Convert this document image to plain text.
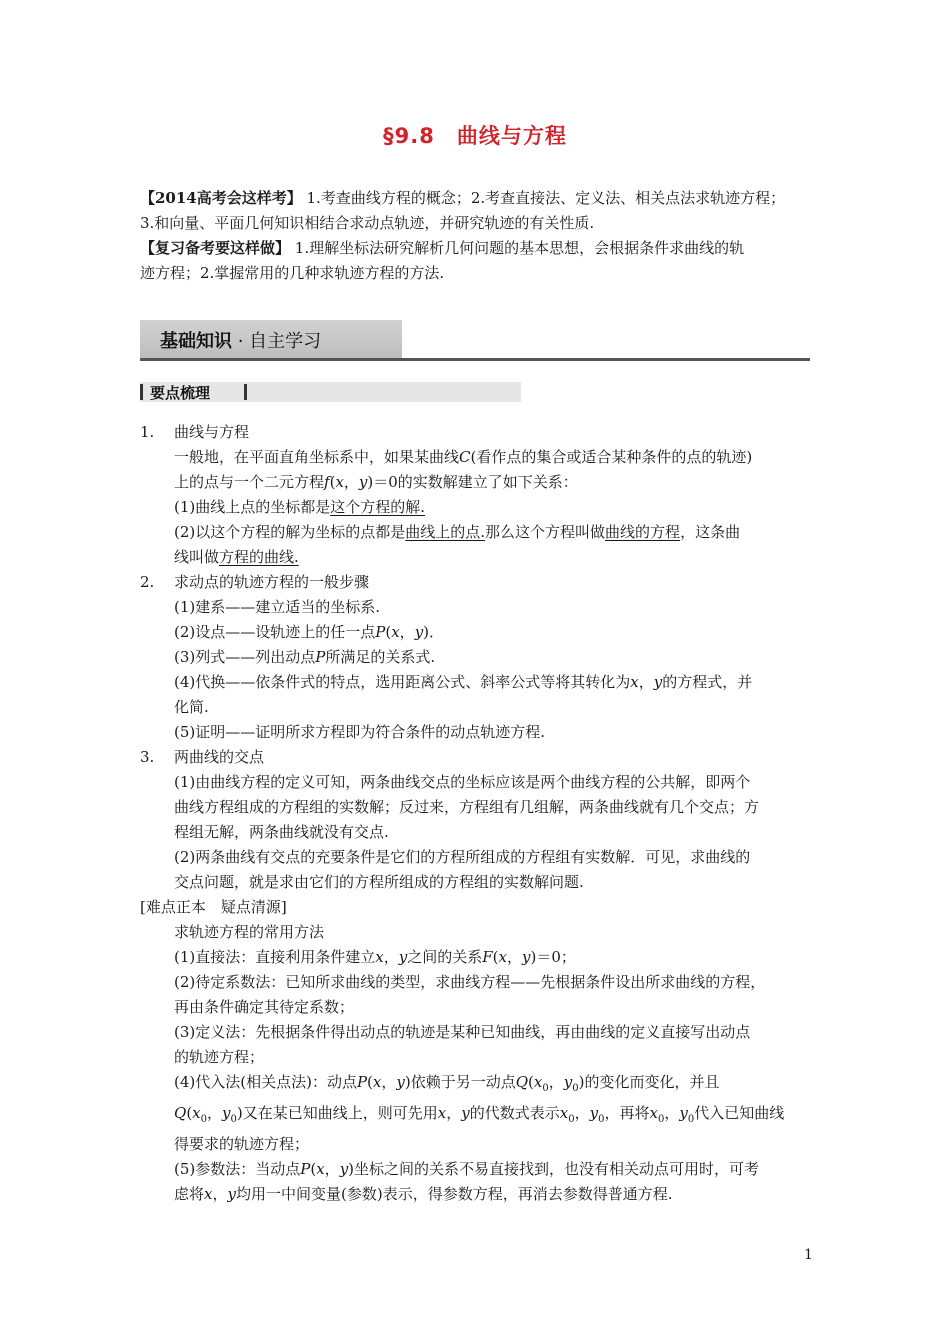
§9.8　曲线与方程

【2014高考会这样考】 1.考查曲线方程的概念；2.考查直接法、定义法、相关点法求轨迹方程；

3.和向量、平面几何知识相结合求动点轨迹，并研究轨迹的有关性质.

【复习备考要这样做】 1.理解坐标法研究解析几何问题的基本思想，会根据条件求曲线的轨

迹方程；2.掌握常用的几种求轨迹方程的方法.

基础知识 · 自主学习
要点梳理

1. 曲线与方程

一般地，在平面直角坐标系中，如果某曲线C(看作点的集合或适合某种条件的点的轨迹)

上的点与一个二元方程f(x，y)＝0的实数解建立了如下关系：

(1)曲线上点的坐标都是这个方程的解.

(2)以这个方程的解为坐标的点都是曲线上的点.那么这个方程叫做曲线的方程，这条曲

线叫做方程的曲线.

2. 求动点的轨迹方程的一般步骤

(1)建系——建立适当的坐标系.

(2)设点——设轨迹上的任一点P(x，y)．

(3)列式——列出动点P所满足的关系式.

(4)代换——依条件式的特点，选用距离公式、斜率公式等将其转化为x，y的方程式，并

化简.

(5)证明——证明所求方程即为符合条件的动点轨迹方程.

3. 两曲线的交点

(1)由曲线方程的定义可知，两条曲线交点的坐标应该是两个曲线方程的公共解，即两个

曲线方程组成的方程组的实数解；反过来，方程组有几组解，两条曲线就有几个交点；方

程组无解，两条曲线就没有交点.

(2)两条曲线有交点的充要条件是它们的方程所组成的方程组有实数解．可见，求曲线的

交点问题，就是求由它们的方程所组成的方程组的实数解问题.

[难点正本　疑点清源]

求轨迹方程的常用方法

(1)直接法：直接利用条件建立x，y之间的关系F(x，y)＝0；

(2)待定系数法：已知所求曲线的类型，求曲线方程——先根据条件设出所求曲线的方程，

再由条件确定其待定系数；

(3)定义法：先根据条件得出动点的轨迹是某种已知曲线，再由曲线的定义直接写出动点

的轨迹方程；

(4)代入法(相关点法)：动点P(x，y)依赖于另一动点$Q(x_0$，$y_0$)的变化而变化，并且

$Q(x_0$，$y_0$)又在某已知曲线上，则可先用x，y的代数式表示$x_0$，$y_0$，再将$x_0$，$y_0$代入已知曲线

得要求的轨迹方程；

(5)参数法：当动点P(x，y)坐标之间的关系不易直接找到，也没有相关动点可用时，可考

虑将x，y均用一中间变量(参数)表示，得参数方程，再消去参数得普通方程.

1
